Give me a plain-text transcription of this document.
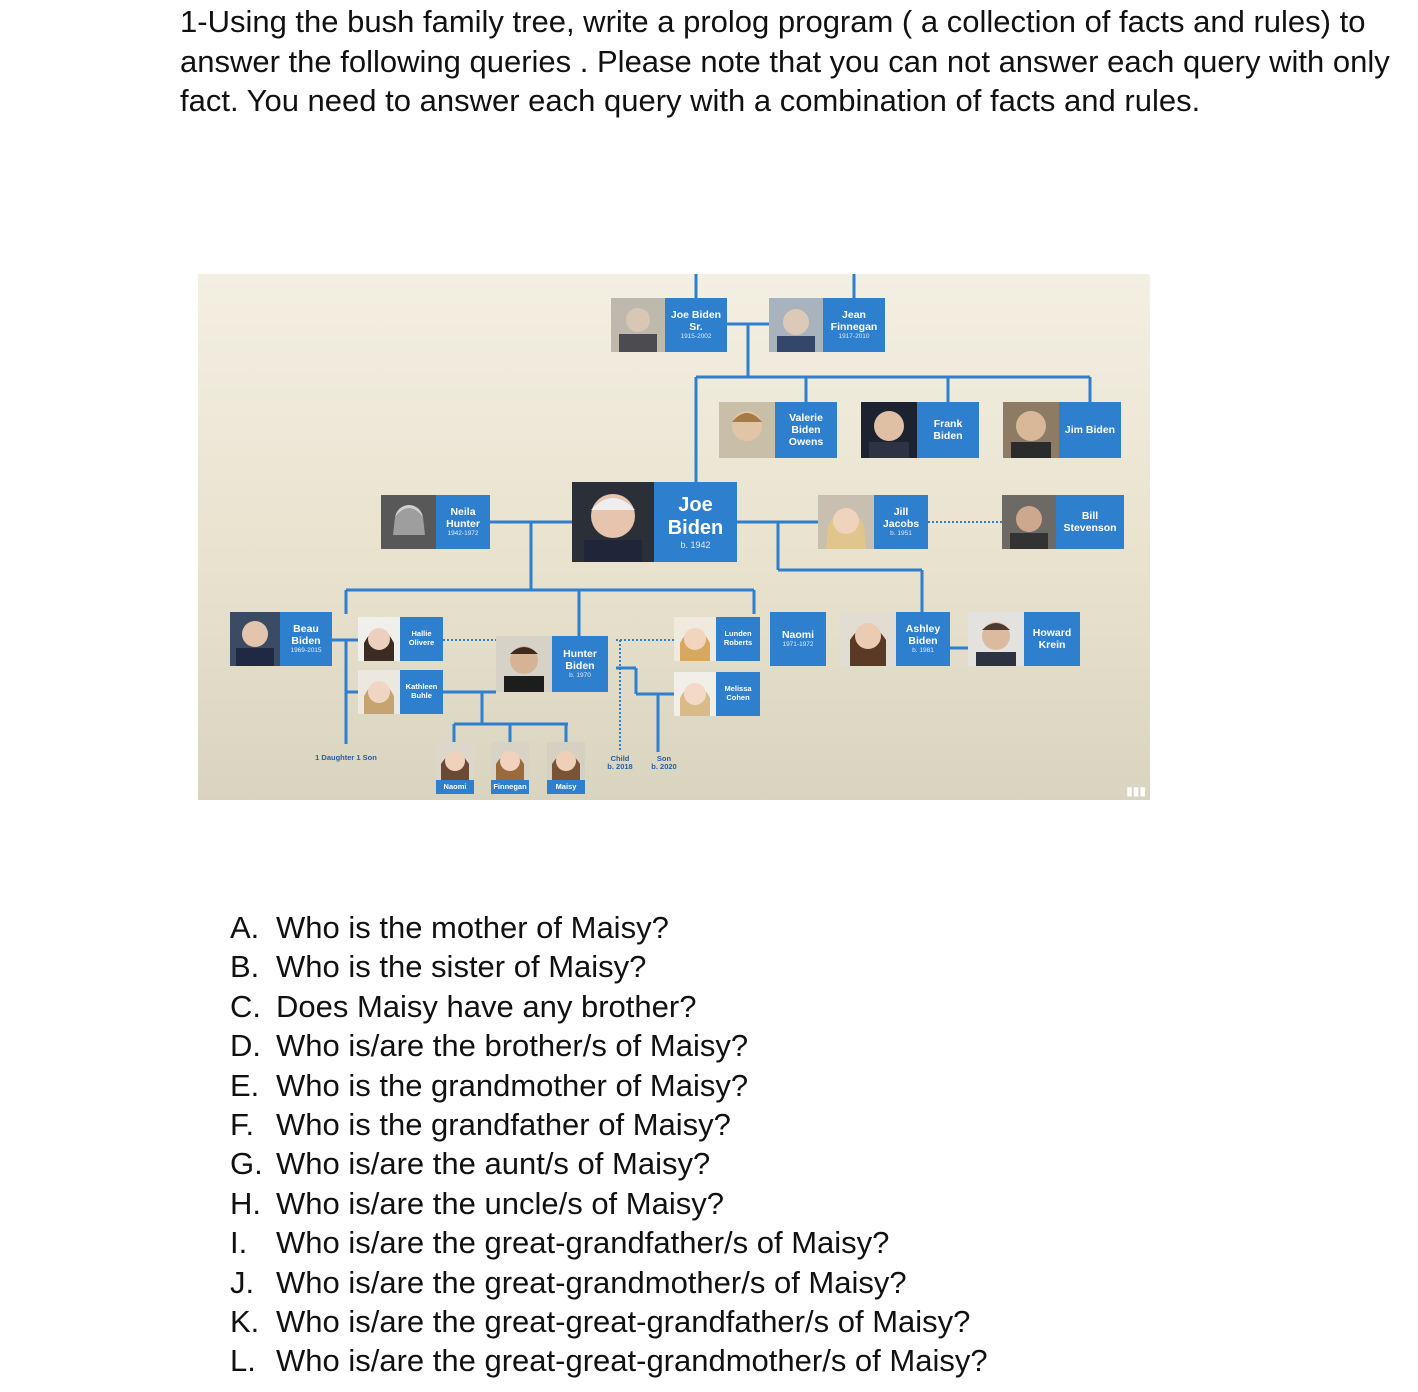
1-Using the bush family tree, write a prolog program ( a collection of facts and rules) to answer the following queries . Please note that you can not answer each query with only fact. You need to answer each query with a combination of facts and rules.

Joe Biden Sr.
1915-2002
Jean Finnegan
1917-2010
Valerie Biden Owens
Frank Biden
Jim Biden
Neila Hunter
1942-1972
Joe Biden
b. 1942
Jill Jacobs
b. 1951
Bill Stevenson
Beau Biden
1969-2015
Hallie Olivere
Kathleen Buhle
Hunter Biden
b. 1970
Lunden Roberts
Melissa Cohen
Naomi
1971-1972
Ashley Biden
b. 1981
Howard Krein
1 Daughter 1 Son
Naomi	Finnegan	Maisy
Child
b. 2018
Son
b. 2020
▮▮▮
A. Who is the mother of Maisy?
B. Who is the sister of Maisy?
C. Does Maisy have any brother?
D. Who is/are the brother/s of Maisy?
E. Who is the grandmother of Maisy?
F. Who is the grandfather of Maisy?
G. Who is/are the aunt/s of Maisy?
H. Who is/are the uncle/s of Maisy?
I. Who is/are the great-grandfather/s of Maisy?
J. Who is/are the great-grandmother/s of Maisy?
K. Who is/are the great-great-grandfather/s of Maisy?
L. Who is/are the great-great-grandmother/s of Maisy?
